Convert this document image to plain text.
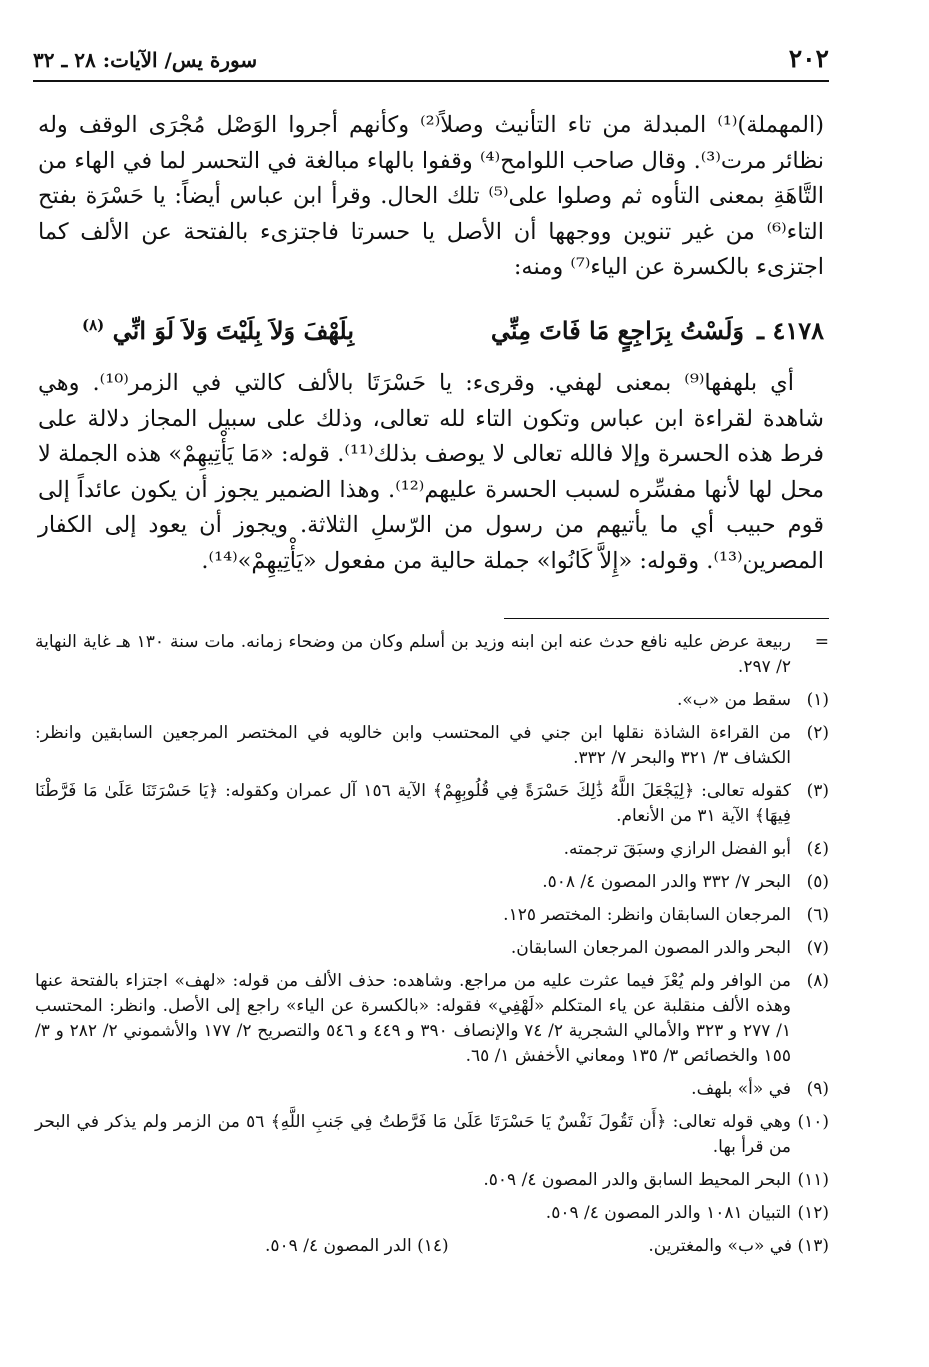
٢٠٢
سورة يس/ الآيات: ٢٨ ـ ٣٢

(المهملة)⁽¹⁾ المبدلة من تاء التأنيث وصلاً⁽²⁾ وكأنهم أجروا الوَصْل مُجْرَى الوقف وله نظائر مرت⁽³⁾. وقال صاحب اللوامح⁽⁴⁾ وقفوا بالهاء مبالغة في التحسر لما في الهاء من التَّاهَةِ بمعنى التأوه ثم وصلوا على⁽⁵⁾ تلك الحال. وقرأ ابن عباس أيضاً: يا حَسْرَة بفتح التاء⁽⁶⁾ من غير تنوين ووجهها أن الأصل يا حسرتا فاجتزىء بالفتحة عن الألف كما اجتزىء بالكسرة عن الياء⁽⁷⁾ ومنه:

٤١٧٨ ـ
وَلَسْتُ بِرَاجِعٍ مَا فَاتَ مِنِّي
بِلَهْفَ وَلاَ بِلَيْتَ وَلاَ لَوَ انِّي $^{(٨)}$

أي بلهفها⁽⁹⁾ بمعنى لهفي. وقرىء: يا حَسْرَتَا بالألف كالتي في الزمر⁽¹⁰⁾. وهي شاهدة لقراءة ابن عباس وتكون التاء لله تعالى، وذلك على سبيل المجاز دلالة على فرط هذه الحسرة وإلا فالله تعالى لا يوصف بذلك⁽¹¹⁾. قوله: «مَا يَأْتِيهِمْ» هذه الجملة لا محل لها لأنها مفسِّره لسبب الحسرة عليهم⁽¹²⁾. وهذا الضمير يجوز أن يكون عائداً إلى قوم حبيب أي ما يأتيهم من رسول من الرّسلِ الثلاثة. ويجوز أن يعود إلى الكفار المصرين⁽¹³⁾. وقوله: «إِلاَّ كَانُوا» جملة حالية من مفعول «يَأْتِيهِمْ»⁽¹⁴⁾.

=
ربيعة عرض عليه نافع حدث عنه ابن ابنه وزيد بن أسلم وكان من وضحاء زمانه. مات سنة ١٣٠ هـ غاية النهاية ٢/ ٢٩٧.
(١)
سقط من «ب».
(٢)
من القراءة الشاذة نقلها ابن جني في المحتسب وابن خالويه في المختصر المرجعين السابقين وانظر: الكشاف ٣/ ٣٢١ والبحر ٧/ ٣٣٢.
(٣)
كقوله تعالى: ﴿لِيَجْعَلَ اللَّهُ ذَٰلِكَ حَسْرَةً فِي قُلُوبِهِمْ﴾ الآية ١٥٦ آل عمران وكقوله: ﴿يَا حَسْرَتَنَا عَلَىٰ مَا فَرَّطْنَا فِيهَا﴾ الآية ٣١ من الأنعام.
(٤)
أبو الفضل الرازي وسبَقَ ترجمته.
(٥)
البحر ٧/ ٣٣٢ والدر المصون ٤/ ٥٠٨.
(٦)
المرجعان السابقان وانظر: المختصر ١٢٥.
(٧)
البحر والدر المصون المرجعان السابقان.
(٨)
من الوافر ولم يُعْزَ فيما عثرت عليه من مراجع. وشاهده: حذف الألف من قوله: «لهف» اجتزاء بالفتحة عنها وهذه الألف منقلبة عن ياء المتكلم «لَهْفِي» فقوله: «بالكسرة عن الياء» راجع إلى الأصل. وانظر: المحتسب ١/ ٢٧٧ و ٣٢٣ والأمالي الشجرية ٢/ ٧٤ والإنصاف ٣٩٠ و ٤٤٩ و ٥٤٦ والتصريح ٢/ ١٧٧ والأشموني ٢/ ٢٨٢ و ٣/ ١٥٥ والخصائص ٣/ ١٣٥ ومعاني الأخفش ١/ ٦٥.
(٩)
في «أ» بلهف.
(١٠)
وهي قوله تعالى: ﴿أَن تَقُولَ نَفْسٌ يَا حَسْرَتَا عَلَىٰ مَا فَرَّطتُ فِي جَنبِ اللَّهِ﴾ ٥٦ من الزمر ولم يذكر في البحر من قرأ بها.
(١١)
البحر المحيط السابق والدر المصون ٤/ ٥٠٩.
(١٢)
التبيان ١٠٨١ والدر المصون ٤/ ٥٠٩.
(١٣) في «ب» والمغترين.
(١٤) الدر المصون ٤/ ٥٠٩.
